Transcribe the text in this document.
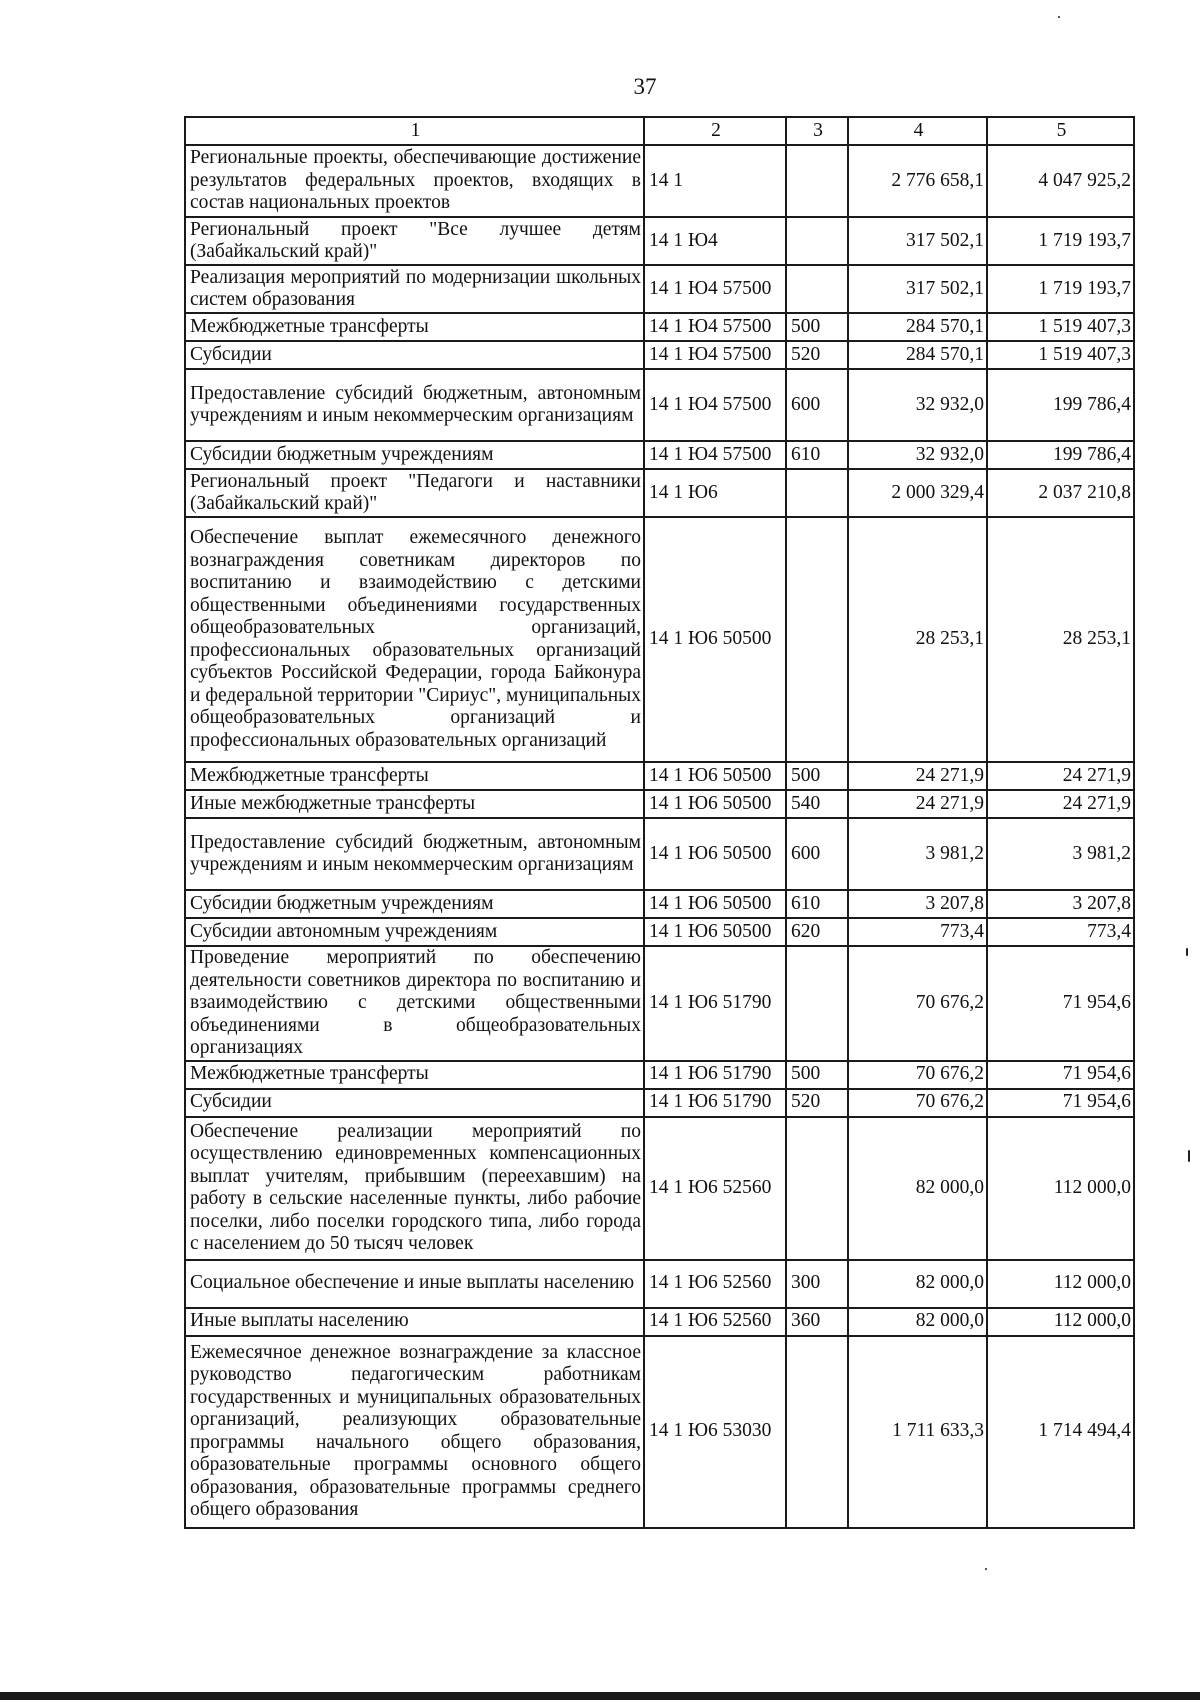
37
1	2	3	4	5
Региональные проекты, обеспечивающие достижение результатов федеральных проектов, входящих в состав национальных проектов	14 1		2 776 658,1	4 047 925,2
Региональный проект "Все лучшее детям (Забайкальский край)"	14 1 Ю4		317 502,1	1 719 193,7
Реализация мероприятий по модернизации школьных систем образования	14 1 Ю4 57500		317 502,1	1 719 193,7
Межбюджетные трансферты	14 1 Ю4 57500	500	284 570,1	1 519 407,3
Субсидии	14 1 Ю4 57500	520	284 570,1	1 519 407,3
Предоставление субсидий бюджетным, автономным учреждениям и иным некоммерческим организациям	14 1 Ю4 57500	600	32 932,0	199 786,4
Субсидии бюджетным учреждениям	14 1 Ю4 57500	610	32 932,0	199 786,4
Региональный проект "Педагоги и наставники (Забайкальский край)"	14 1 Ю6		2 000 329,4	2 037 210,8
Обеспечение выплат ежемесячного денежного вознаграждения советникам директоров по воспитанию и взаимодействию с детскими общественными объединениями государственных общеобразовательных организаций, профессиональных образовательных организаций субъектов Российской Федерации, города Байконура и федеральной территории "Сириус", муниципальных общеобразовательных организаций и профессиональных образовательных организаций	14 1 Ю6 50500		28 253,1	28 253,1
Межбюджетные трансферты	14 1 Ю6 50500	500	24 271,9	24 271,9
Иные межбюджетные трансферты	14 1 Ю6 50500	540	24 271,9	24 271,9
Предоставление субсидий бюджетным, автономным учреждениям и иным некоммерческим организациям	14 1 Ю6 50500	600	3 981,2	3 981,2
Субсидии бюджетным учреждениям	14 1 Ю6 50500	610	3 207,8	3 207,8
Субсидии автономным учреждениям	14 1 Ю6 50500	620	773,4	773,4
Проведение мероприятий по обеспечению деятельности советников директора по воспитанию и взаимодействию с детскими общественными объединениями в общеобразовательных организациях	14 1 Ю6 51790		70 676,2	71 954,6
Межбюджетные трансферты	14 1 Ю6 51790	500	70 676,2	71 954,6
Субсидии	14 1 Ю6 51790	520	70 676,2	71 954,6
Обеспечение реализации мероприятий по осуществлению единовременных компенсационных выплат учителям, прибывшим (переехавшим) на работу в сельские населенные пункты, либо рабочие поселки, либо поселки городского типа, либо города с населением до 50 тысяч человек	14 1 Ю6 52560		82 000,0	112 000,0
Социальное обеспечение и иные выплаты населению	14 1 Ю6 52560	300	82 000,0	112 000,0
Иные выплаты населению	14 1 Ю6 52560	360	82 000,0	112 000,0
Ежемесячное денежное вознаграждение за классное руководство педагогическим работникам государственных и муниципальных образовательных организаций, реализующих образовательные программы начального общего образования, образовательные программы основного общего образования, образовательные программы среднего общего образования	14 1 Ю6 53030		1 711 633,3	1 714 494,4
